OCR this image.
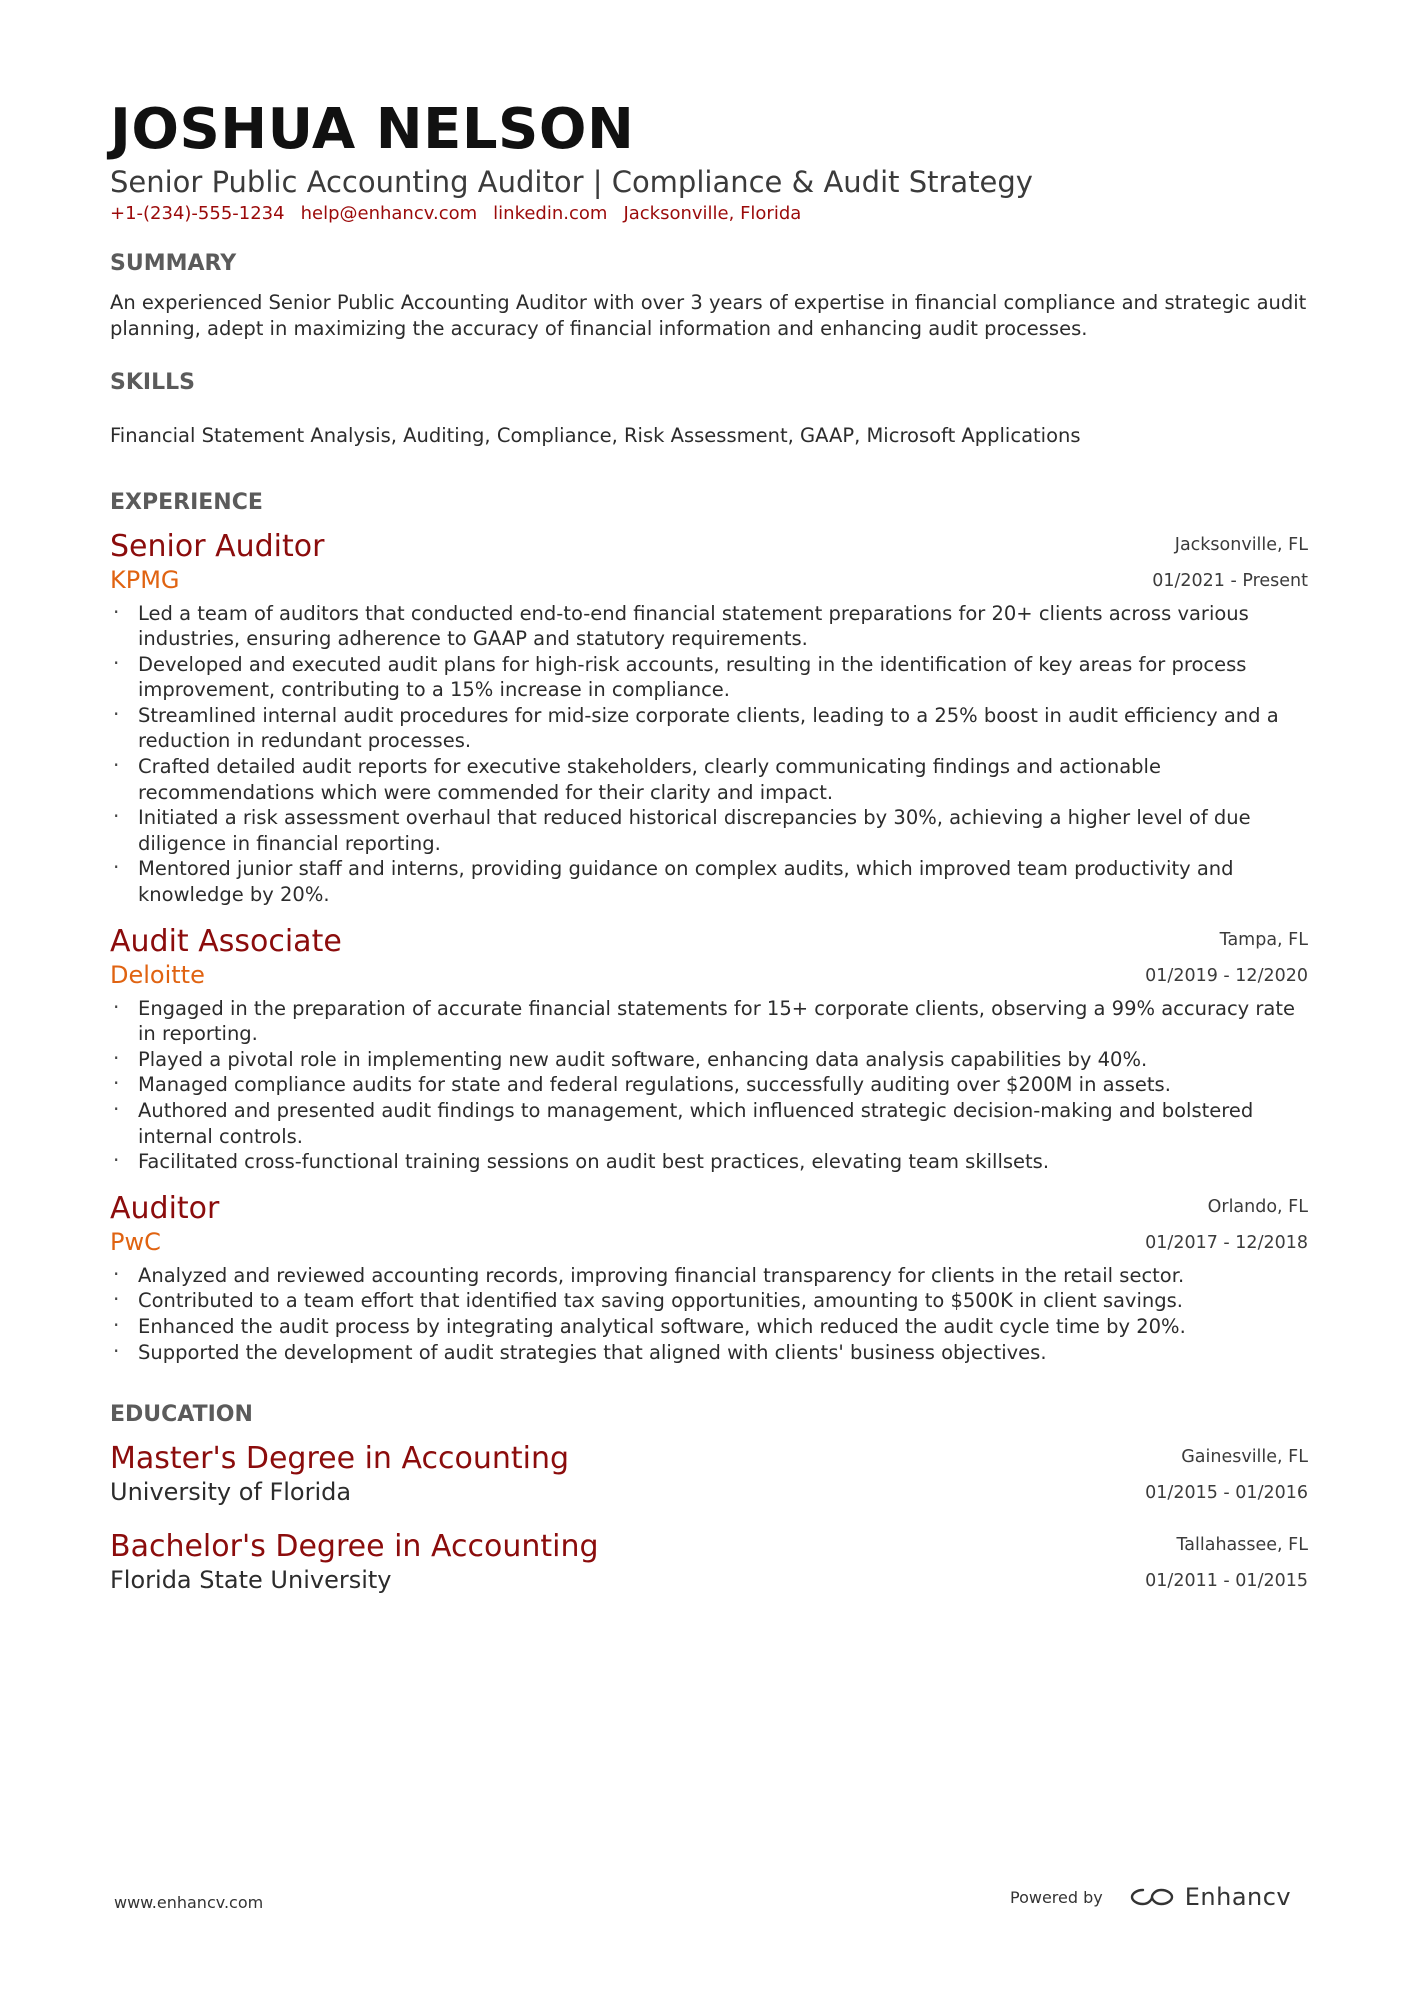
JOSHUA NELSON
Senior Public Accounting Auditor | Compliance & Audit Strategy
+1-(234)-555-1234 help@enhancv.com linkedin.com Jacksonville, Florida
SUMMARY
An experienced Senior Public Accounting Auditor with over 3 years of expertise in financial compliance and strategic audit planning, adept in maximizing the accuracy of financial information and enhancing audit processes.
SKILLS
Financial Statement Analysis, Auditing, Compliance, Risk Assessment, GAAP, Microsoft Applications
EXPERIENCE
Senior Auditor
KPMG
Jacksonville, FL
01/2021 - Present
· Led a team of auditors that conducted end-to-end financial statement preparations for 20+ clients across various industries, ensuring adherence to GAAP and statutory requirements.
· Developed and executed audit plans for high-risk accounts, resulting in the identification of key areas for process improvement, contributing to a 15% increase in compliance.
· Streamlined internal audit procedures for mid-size corporate clients, leading to a 25% boost in audit efficiency and a reduction in redundant processes.
· Crafted detailed audit reports for executive stakeholders, clearly communicating findings and actionable recommendations which were commended for their clarity and impact.
· Initiated a risk assessment overhaul that reduced historical discrepancies by 30%, achieving a higher level of due diligence in financial reporting.
· Mentored junior staff and interns, providing guidance on complex audits, which improved team productivity and knowledge by 20%.
Audit Associate
Deloitte
Tampa, FL
01/2019 - 12/2020
· Engaged in the preparation of accurate financial statements for 15+ corporate clients, observing a 99% accuracy rate in reporting.
· Played a pivotal role in implementing new audit software, enhancing data analysis capabilities by 40%.
· Managed compliance audits for state and federal regulations, successfully auditing over $200M in assets.
· Authored and presented audit findings to management, which influenced strategic decision-making and bolstered internal controls.
· Facilitated cross-functional training sessions on audit best practices, elevating team skillsets.
Auditor
PwC
Orlando, FL
01/2017 - 12/2018
· Analyzed and reviewed accounting records, improving financial transparency for clients in the retail sector.
· Contributed to a team effort that identified tax saving opportunities, amounting to $500K in client savings.
· Enhanced the audit process by integrating analytical software, which reduced the audit cycle time by 20%.
· Supported the development of audit strategies that aligned with clients' business objectives.
EDUCATION
Master's Degree in Accounting
University of Florida
Gainesville, FL
01/2015 - 01/2016
Bachelor's Degree in Accounting
Florida State University
Tallahassee, FL
01/2011 - 01/2015
www.enhancv.com	Powered by	Enhancv
